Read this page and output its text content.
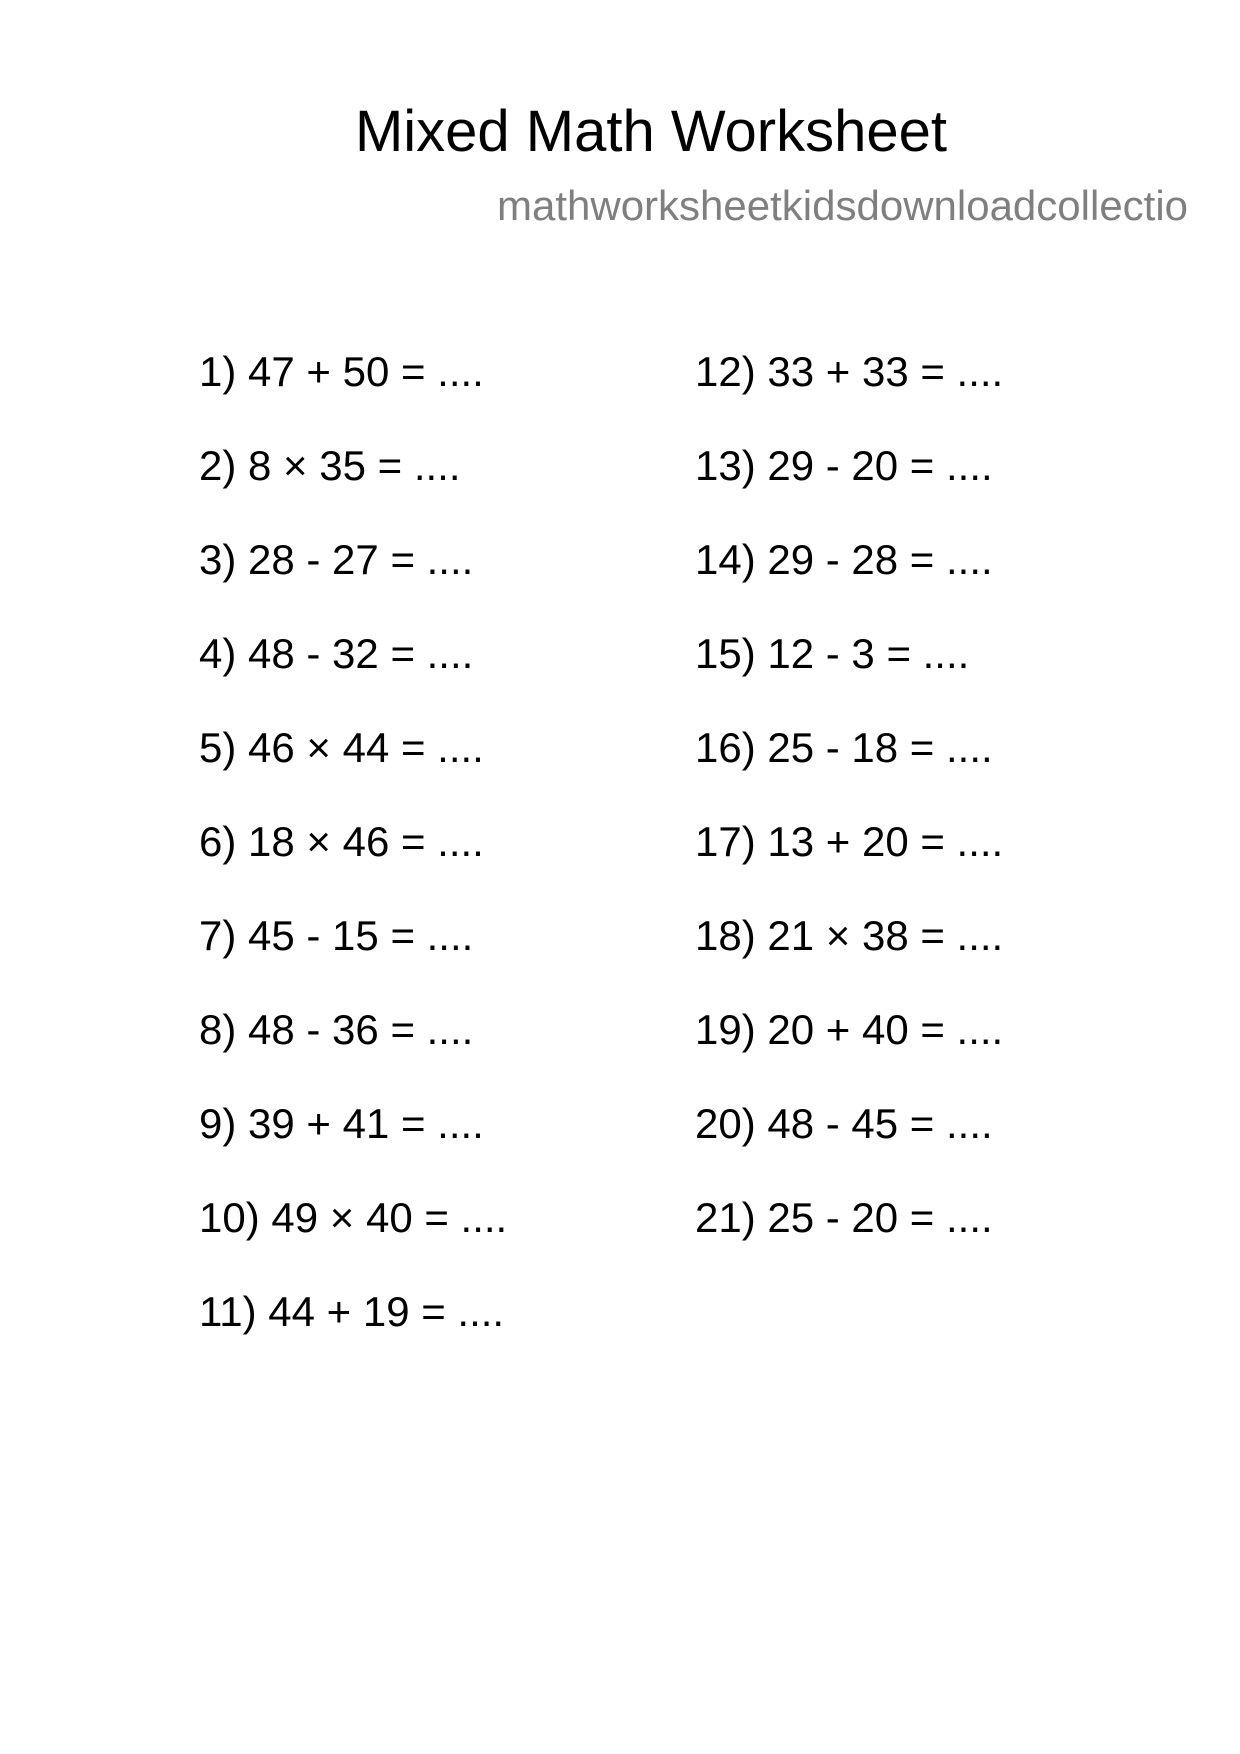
Mixed Math Worksheet
mathworksheetkidsdownloadcollectio
1) 47 + 50 = ....
2) 8 × 35 = ....
3) 28 - 27 = ....
4) 48 - 32 = ....
5) 46 × 44 = ....
6) 18 × 46 = ....
7) 45 - 15 = ....
8) 48 - 36 = ....
9) 39 + 41 = ....
10) 49 × 40 = ....
11) 44 + 19 = ....
12) 33 + 33 = ....
13) 29 - 20 = ....
14) 29 - 28 = ....
15) 12 - 3 = ....
16) 25 - 18 = ....
17) 13 + 20 = ....
18) 21 × 38 = ....
19) 20 + 40 = ....
20) 48 - 45 = ....
21) 25 - 20 = ....
